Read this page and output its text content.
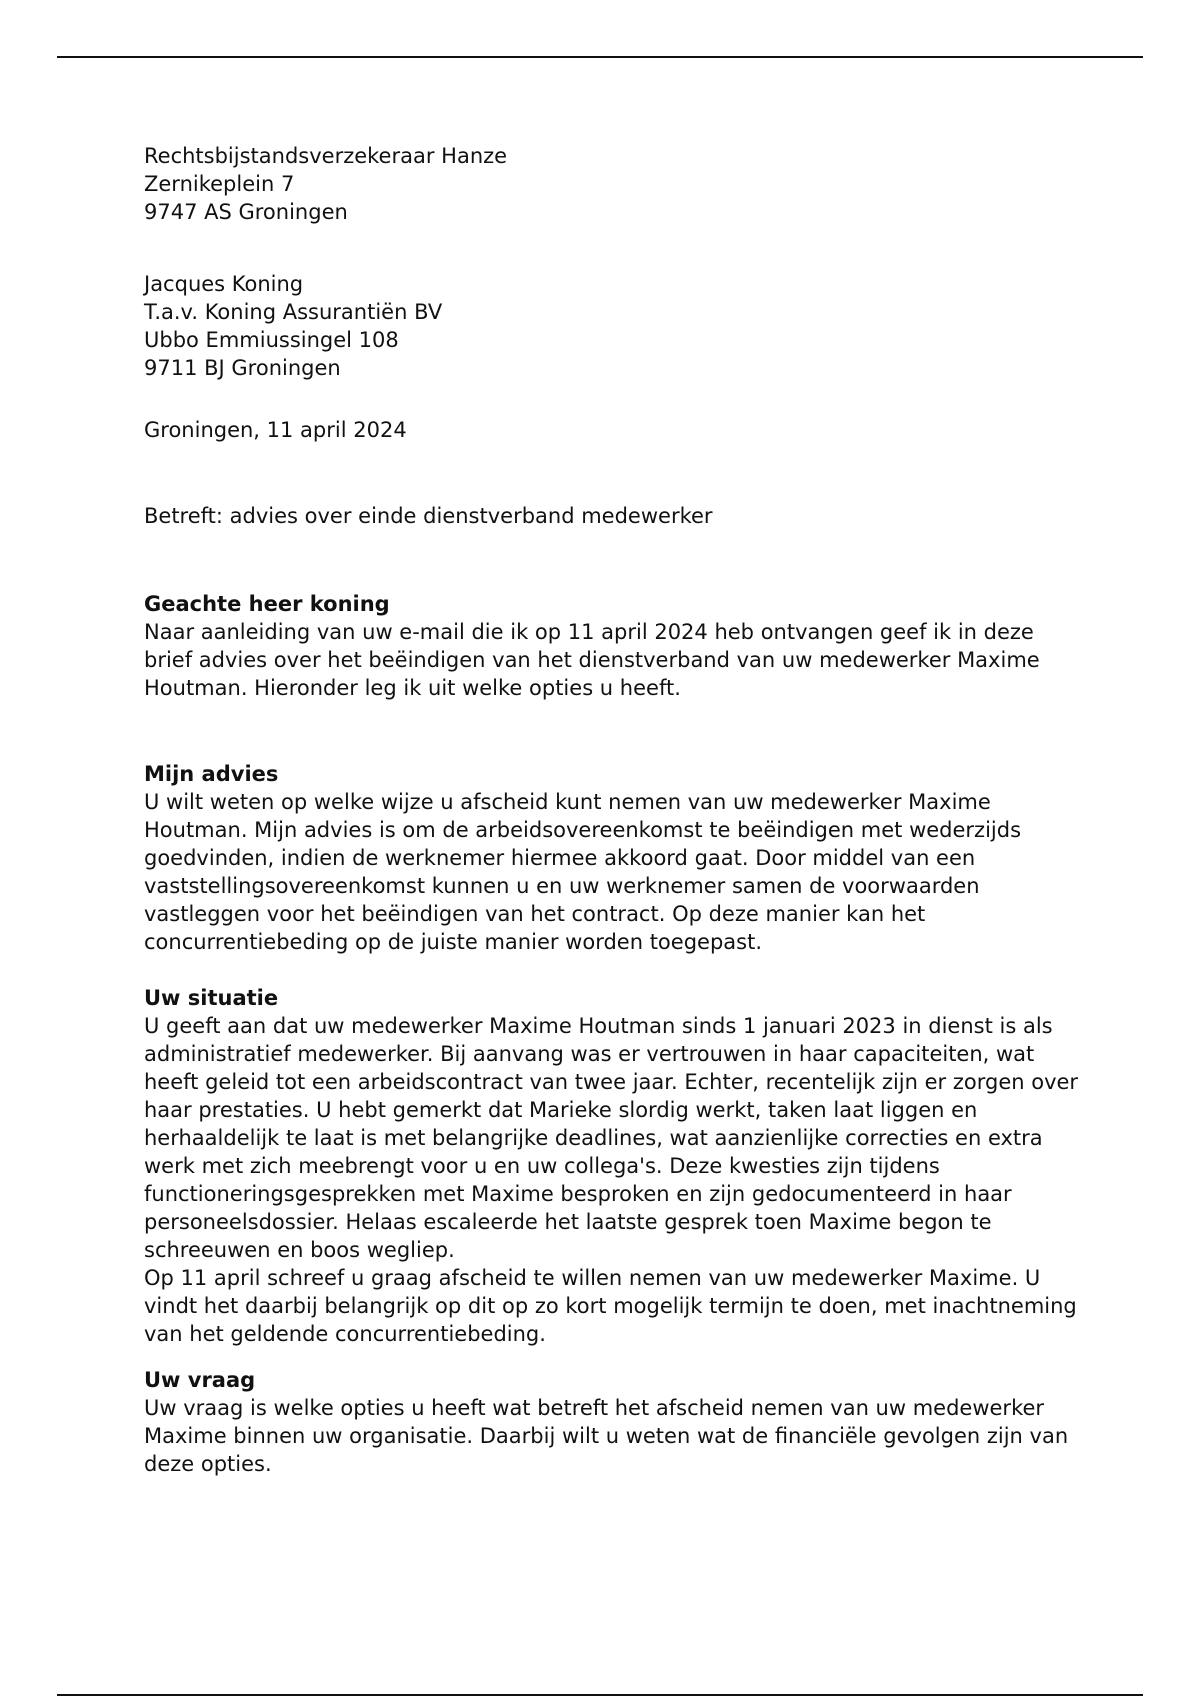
Rechtsbijstandsverzekeraar Hanze
Zernikeplein 7
9747 AS Groningen
Jacques Koning
T.a.v. Koning Assurantiën BV
Ubbo Emmiussingel 108
9711 BJ Groningen
Groningen, 11 april 2024
Betreft: advies over einde dienstverband medewerker
Geachte heer koning

Naar aanleiding van uw e-mail die ik op 11 april 2024 heb ontvangen geef ik in deze brief advies over het beëindigen van het dienstverband van uw medewerker Maxime Houtman. Hieronder leg ik uit welke opties u heeft.

Mijn advies

U wilt weten op welke wijze u afscheid kunt nemen van uw medewerker Maxime Houtman. Mijn advies is om de arbeidsovereenkomst te beëindigen met wederzijds goedvinden, indien de werknemer hiermee akkoord gaat. Door middel van een vaststellingsovereenkomst kunnen u en uw werknemer samen de voorwaarden vastleggen voor het beëindigen van het contract. Op deze manier kan het concurrentiebeding op de juiste manier worden toegepast.

Uw situatie

U geeft aan dat uw medewerker Maxime Houtman sinds 1 januari 2023 in dienst is als administratief medewerker. Bij aanvang was er vertrouwen in haar capaciteiten, wat heeft geleid tot een arbeidscontract van twee jaar. Echter, recentelijk zijn er zorgen over haar prestaties. U hebt gemerkt dat Marieke slordig werkt, taken laat liggen en herhaaldelijk te laat is met belangrijke deadlines, wat aanzienlijke correcties en extra werk met zich meebrengt voor u en uw collega's. Deze kwesties zijn tijdens functioneringsgesprekken met Maxime besproken en zijn gedocumenteerd in haar personeelsdossier. Helaas escaleerde het laatste gesprek toen Maxime begon te schreeuwen en boos wegliep.

Op 11 april schreef u graag afscheid te willen nemen van uw medewerker Maxime. U vindt het daarbij belangrijk op dit op zo kort mogelijk termijn te doen, met inachtneming van het geldende concurrentiebeding.

Uw vraag

Uw vraag is welke opties u heeft wat betreft het afscheid nemen van uw medewerker Maxime binnen uw organisatie. Daarbij wilt u weten wat de financiële gevolgen zijn van deze opties.
